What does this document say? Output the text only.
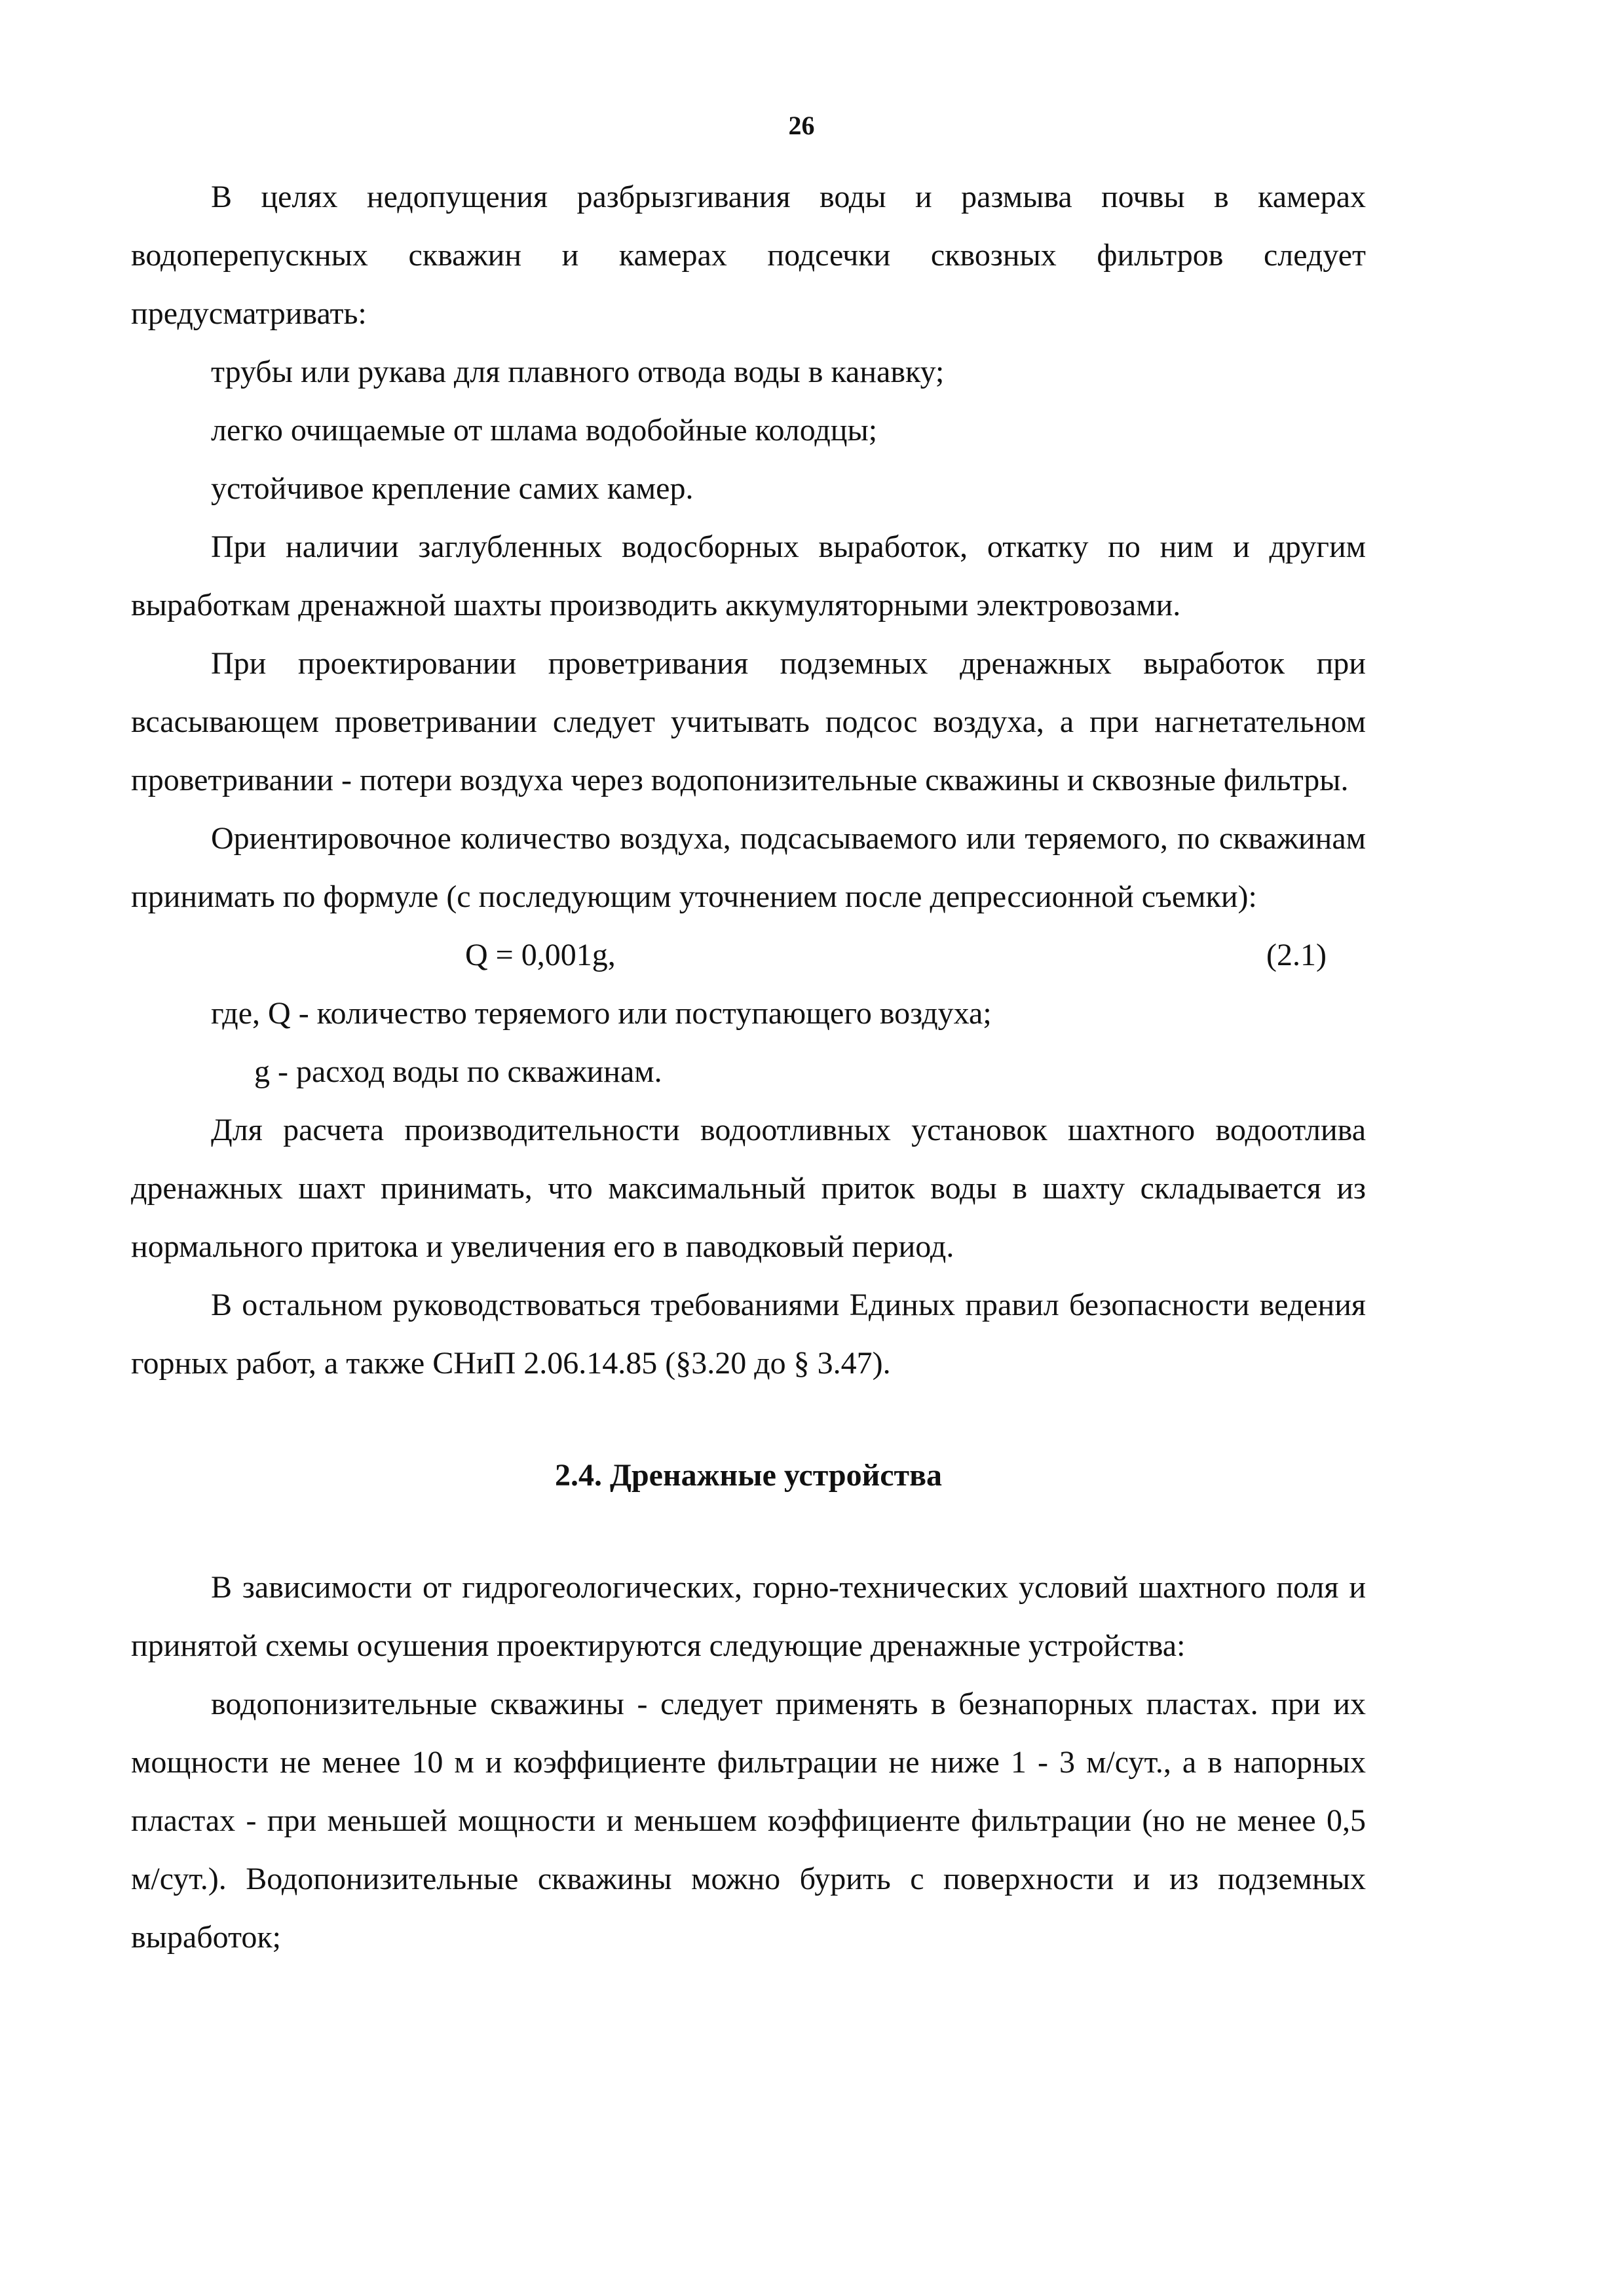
26

В целях недопущения разбрызгивания воды и размыва почвы в камерах водоперепускных скважин и камерах подсечки сквозных фильтров следует предусматривать:

трубы или рукава для плавного отвода воды в канавку;

легко очищаемые от шлама водобойные колодцы;

устойчивое крепление самих камер.

При наличии заглубленных водосборных выработок, откатку по ним и другим выработкам дренажной шахты производить аккумуляторными электровозами.

При проектировании проветривания подземных дренажных выработок при всасывающем проветривании следует учитывать подсос воздуха, а при нагнетательном проветривании - потери воздуха через водопонизительные скважины и сквозные фильтры.

Ориентировочное количество воздуха, подсасываемого или теряемого, по скважинам принимать по формуле (с последующим уточнением после депрессионной съемки):

Q = 0,001g,	(2.1)

где, Q - количество теряемого или поступающего воздуха;

g - расход воды по скважинам.

Для расчета производительности водоотливных установок шахтного водоотлива дренажных шахт принимать, что максимальный приток воды в шахту складывается из нормального притока и увеличения его в паводковый период.

В остальном руководствоваться требованиями Единых правил безопасности ведения горных работ, а также СНиП 2.06.14.85 (§3.20 до § 3.47).

2.4. Дренажные устройства

В зависимости от гидрогеологических, горно-технических условий шахтного поля и принятой схемы осушения проектируются следующие дренажные устройства:

водопонизительные скважины - следует применять в безнапорных пластах. при их мощности не менее 10 м и коэффициенте фильтрации не ниже 1 - 3 м/сут., а в напорных пластах - при меньшей мощности и меньшем коэффициенте фильтрации (но не менее 0,5 м/сут.). Водопонизительные скважины можно бурить с поверхности и из подземных выработок;
